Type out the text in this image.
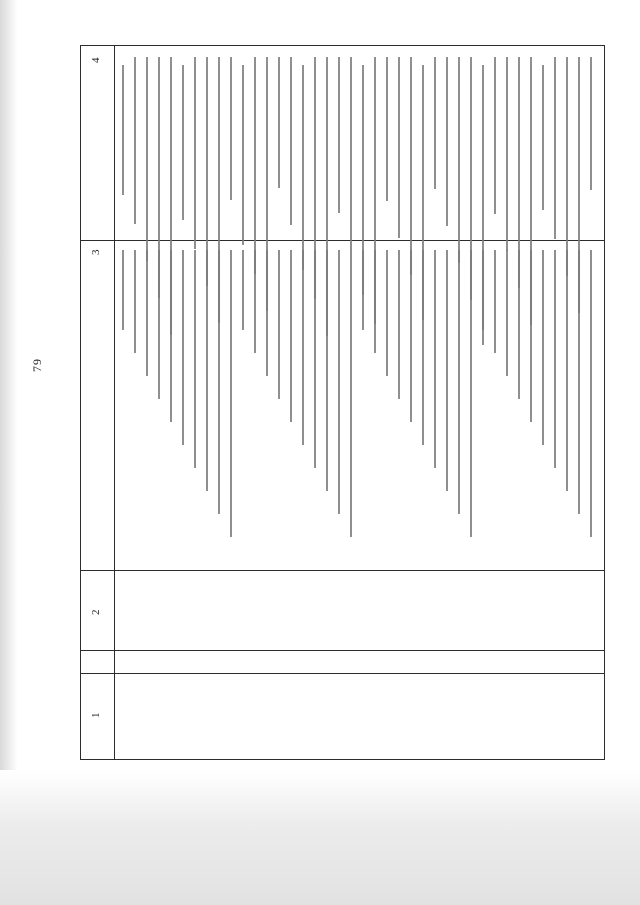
79
4
3
2
1
